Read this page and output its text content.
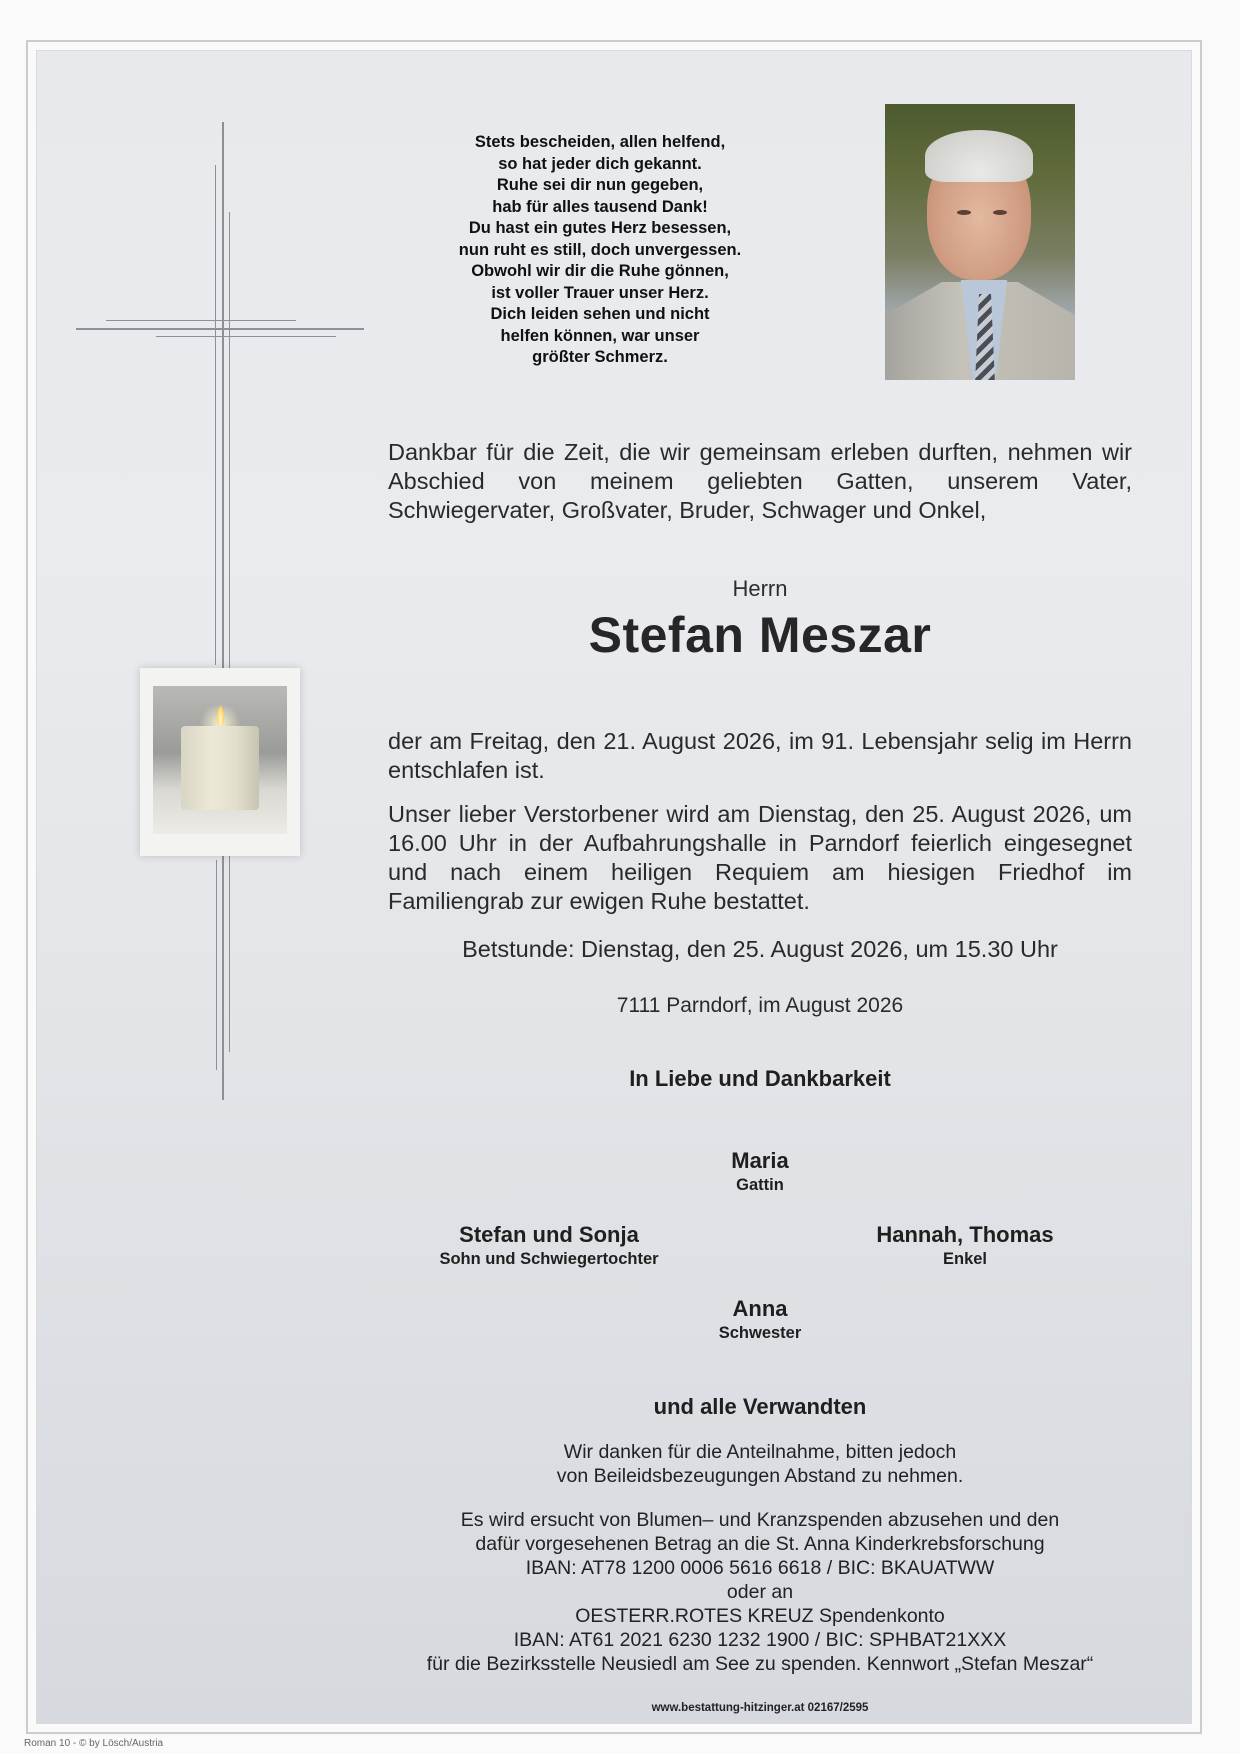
Stets bescheiden, allen helfend,
so hat jeder dich gekannt.
Ruhe sei dir nun gegeben,
hab für alles tausend Dank!
Du hast ein gutes Herz besessen,
nun ruht es still, doch unvergessen.
Obwohl wir dir die Ruhe gönnen,
ist voller Trauer unser Herz.
Dich leiden sehen und nicht
helfen können, war unser
größter Schmerz.
Dankbar für die Zeit, die wir gemeinsam erleben durften, nehmen wir Abschied von meinem geliebten Gatten, unserem Vater, Schwiegervater, Großvater, Bruder, Schwager und Onkel,
Herrn
Stefan Meszar
der am Freitag, den 21. August 2026, im 91. Lebensjahr selig im Herrn entschlafen ist.
Unser lieber Verstorbener wird am Dienstag, den 25. August 2026, um 16.00 Uhr in der Aufbahrungshalle in Parndorf feierlich eingesegnet und nach einem heiligen Requiem am hiesigen Friedhof im Familiengrab zur ewigen Ruhe bestattet.
Betstunde: Dienstag, den 25. August 2026, um 15.30 Uhr
7111 Parndorf, im August 2026
In Liebe und Dankbarkeit
Maria
Gattin
Stefan und Sonja
Sohn und Schwiegertochter
Hannah, Thomas
Enkel
Anna
Schwester
und alle Verwandten
Wir danken für die Anteilnahme, bitten jedoch
von Beileidsbezeugungen Abstand zu nehmen.
Es wird ersucht von Blumen– und Kranzspenden abzusehen und den
dafür vorgesehenen Betrag an die St. Anna Kinderkrebsforschung
IBAN: AT78 1200 0006 5616 6618 / BIC: BKAUATWW
oder an
OESTERR.ROTES KREUZ Spendenkonto
IBAN: AT61 2021 6230 1232 1900 / BIC: SPHBAT21XXX
für die Bezirksstelle Neusiedl am See zu spenden. Kennwort „Stefan Meszar“
www.bestattung-hitzinger.at 02167/2595
Roman 10 - © by Lösch/Austria
